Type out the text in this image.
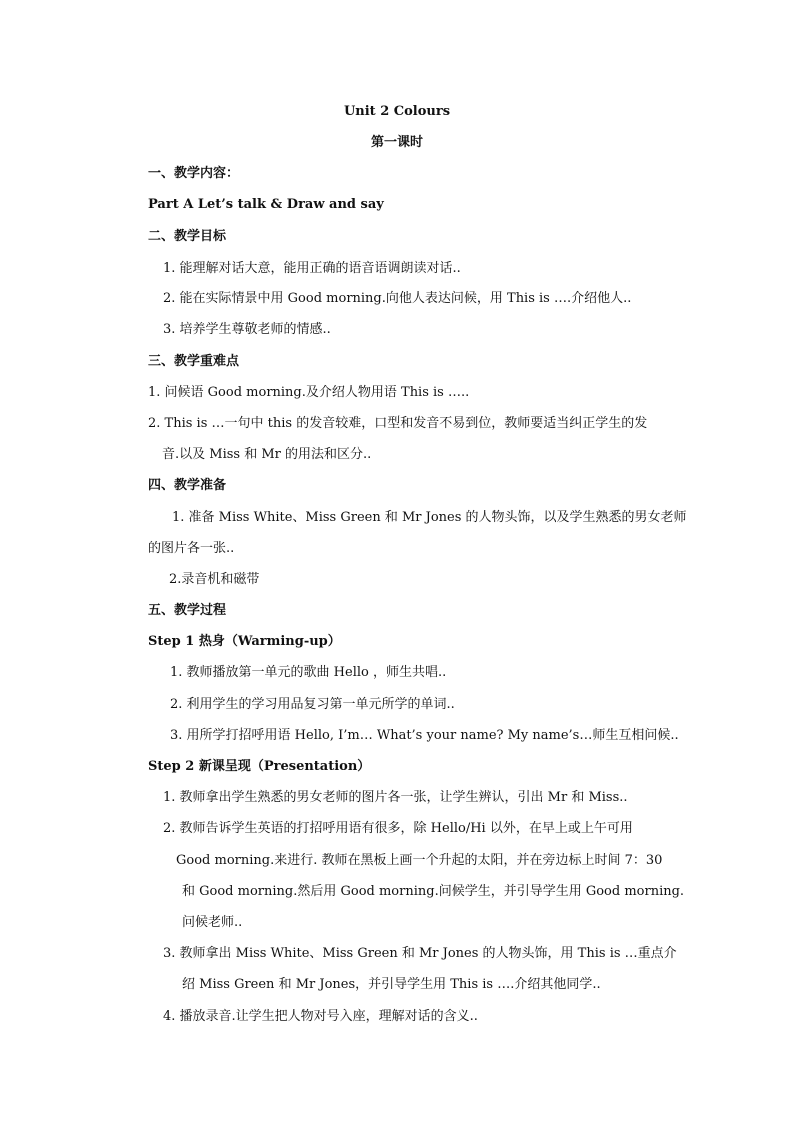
Unit 2 Colours
第一课时
一、教学内容：
Part A Let’s talk & Draw and say
二、教学目标
1. 能理解对话大意，能用正确的语音语调朗读对话..
2. 能在实际情景中用 Good morning.向他人表达问候，用 This is ….介绍他人..
3. 培养学生尊敬老师的情感..
三、教学重难点
1. 问候语 Good morning.及介绍人物用语 This is …..
2. This is …一句中 this 的发音较难，口型和发音不易到位，教师要适当纠正学生的发
音.以及 Miss 和 Mr 的用法和区分..
四、教学准备
1. 准备 Miss White、Miss Green 和 Mr Jones 的人物头饰，以及学生熟悉的男女老师
的图片各一张..
2.录音机和磁带
五、教学过程
Step 1 热身（Warming-up）
1. 教师播放第一单元的歌曲 Hello ，师生共唱..
2. 利用学生的学习用品复习第一单元所学的单词..
3. 用所学打招呼用语 Hello, I’m… What’s your name? My name’s…师生互相问候..
Step 2 新课呈现（Presentation）
1. 教师拿出学生熟悉的男女老师的图片各一张，让学生辨认，引出 Mr 和 Miss..
2. 教师告诉学生英语的打招呼用语有很多，除 Hello/Hi 以外，在早上或上午可用
Good morning.来进行. 教师在黑板上画一个升起的太阳，并在旁边标上时间 7：30
和 Good morning.然后用 Good morning.问候学生，并引导学生用 Good morning.
问候老师..
3. 教师拿出 Miss White、Miss Green 和 Mr Jones 的人物头饰，用 This is …重点介
绍 Miss Green 和 Mr Jones，并引导学生用 This is ….介绍其他同学..
4. 播放录音.让学生把人物对号入座，理解对话的含义..
